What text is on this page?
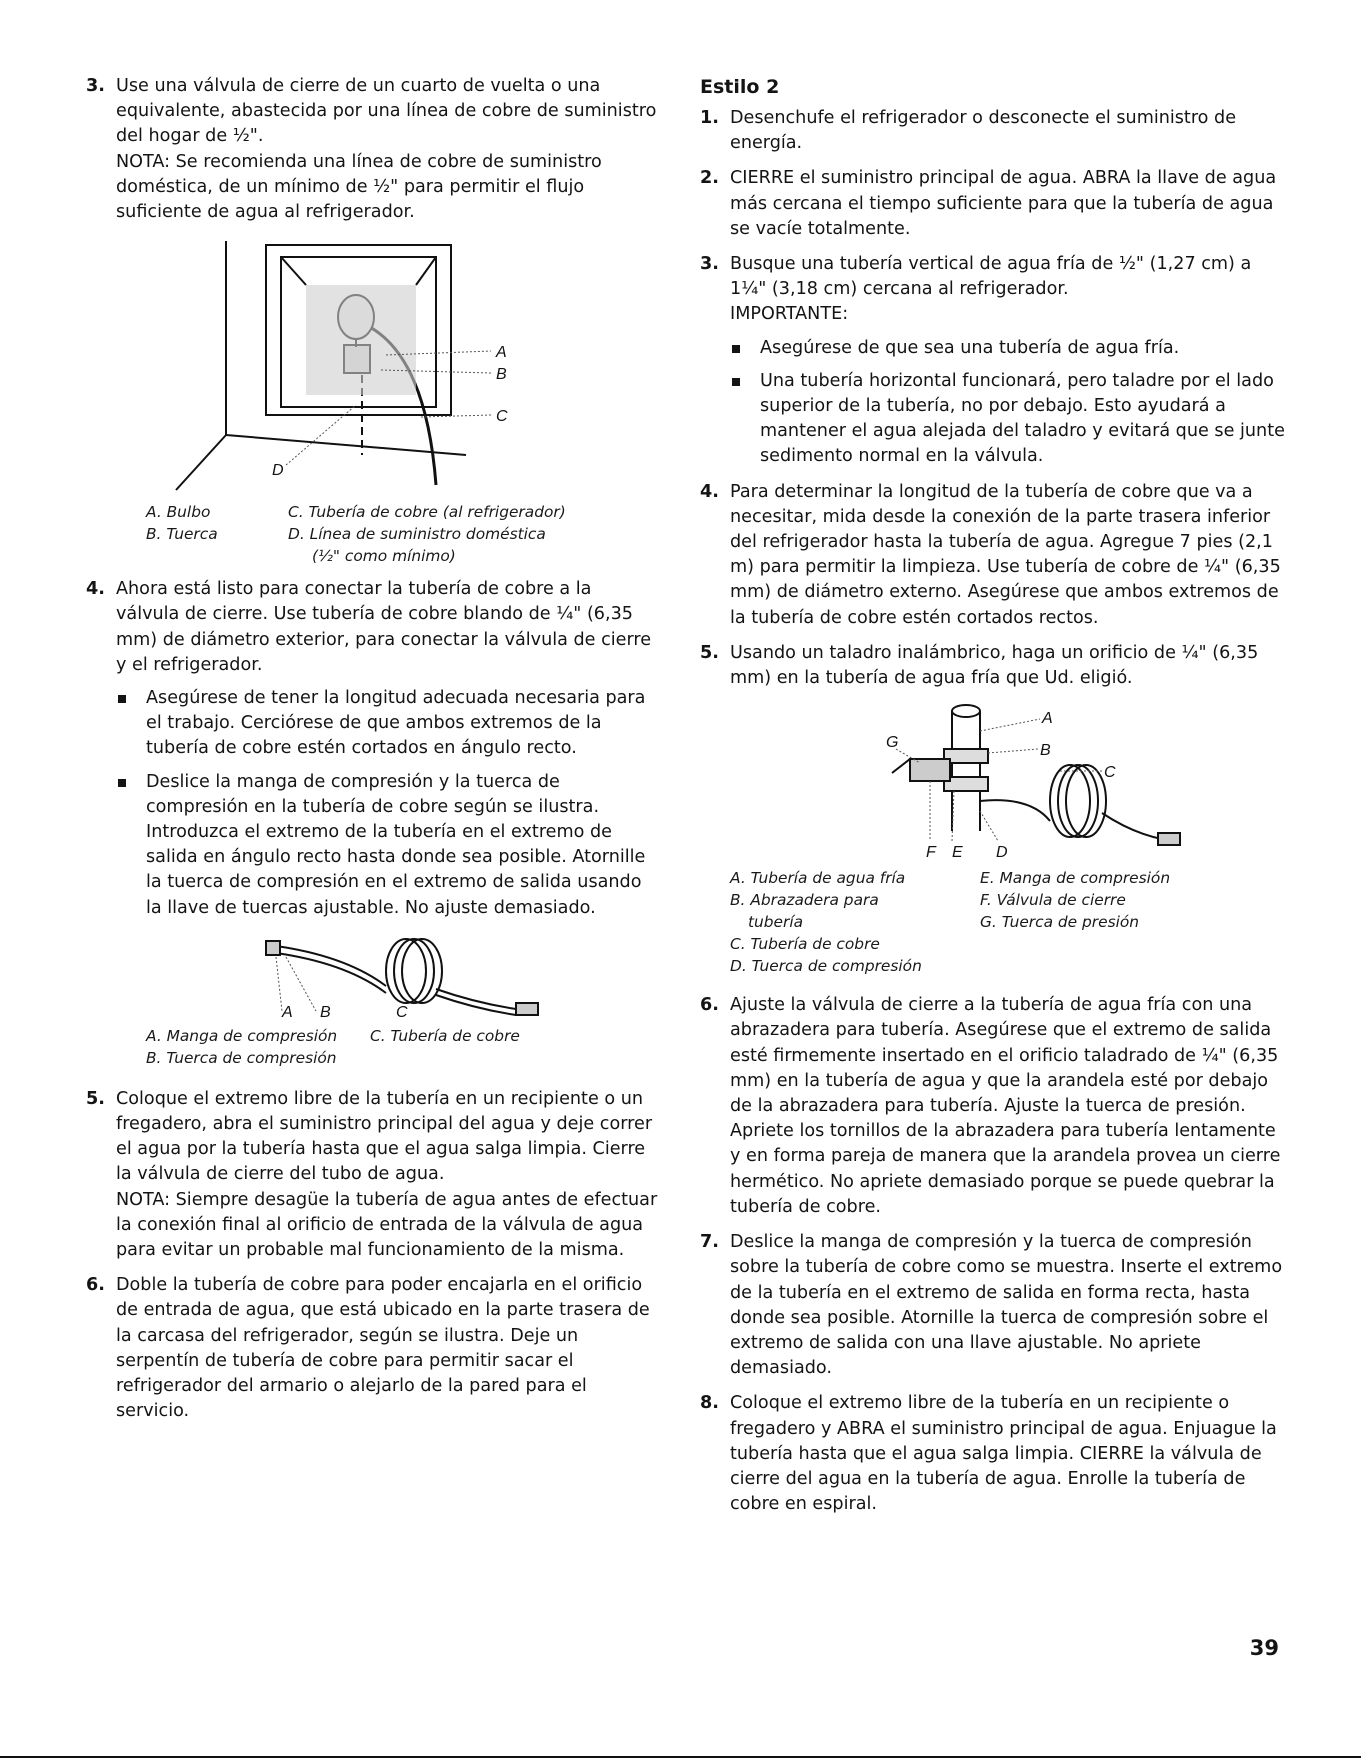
3. Use una válvula de cierre de un cuarto de vuelta o una equivalente, abastecida por una línea de cobre de suministro del hogar de ½".

NOTA: Se recomienda una línea de cobre de suministro doméstica, de un mínimo de ½" para permitir el flujo suficiente de agua al refrigerador.

A
B
C
D
A. Bulbo	C. Tubería de cobre (al refrigerador)
B. Tuerca	D. Línea de suministro doméstica
(½" como mínimo)
4. Ahora está listo para conectar la tubería de cobre a la válvula de cierre. Use tubería de cobre blando de ¼" (6,35 mm) de diámetro exterior, para conectar la válvula de cierre y el refrigerador.

Asegúrese de tener la longitud adecuada necesaria para el trabajo. Cerciórese de que ambos extremos de la tubería de cobre estén cortados en ángulo recto.
Deslice la manga de compresión y la tuerca de compresión en la tubería de cobre según se ilustra. Introduzca el extremo de la tubería en el extremo de salida en ángulo recto hasta donde sea posible. Atornille la tuerca de compresión en el extremo de salida usando la llave de tuercas ajustable. No ajuste demasiado.
A B	C
A. Manga de compresión	C. Tubería de cobre
B. Tuerca de compresión
5. Coloque el extremo libre de la tubería en un recipiente o un fregadero, abra el suministro principal del agua y deje correr el agua por la tubería hasta que el agua salga limpia. Cierre la válvula de cierre del tubo de agua.

NOTA: Siempre desagüe la tubería de agua antes de efectuar la conexión final al orificio de entrada de la válvula de agua para evitar un probable mal funcionamiento de la misma.

6. Doble la tubería de cobre para poder encajarla en el orificio de entrada de agua, que está ubicado en la parte trasera de la carcasa del refrigerador, según se ilustra. Deje un serpentín de tubería de cobre para permitir sacar el refrigerador del armario o alejarlo de la pared para el servicio.

Estilo 2
1. Desenchufe el refrigerador o desconecte el suministro de energía.

2. CIERRE el suministro principal de agua. ABRA la llave de agua más cercana el tiempo suficiente para que la tubería de agua se vacíe totalmente.

3. Busque una tubería vertical de agua fría de ½" (1,27 cm) a 1¼" (3,18 cm) cercana al refrigerador.

IMPORTANTE:

Asegúrese de que sea una tubería de agua fría.
Una tubería horizontal funcionará, pero taladre por el lado superior de la tubería, no por debajo. Esto ayudará a mantener el agua alejada del taladro y evitará que se junte sedimento normal en la válvula.
4. Para determinar la longitud de la tubería de cobre que va a necesitar, mida desde la conexión de la parte trasera inferior del refrigerador hasta la tubería de agua. Agregue 7 pies (2,1 m) para permitir la limpieza. Use tubería de cobre de ¼" (6,35 mm) de diámetro externo. Asegúrese que ambos extremos de la tubería de cobre estén cortados rectos.

5. Usando un taladro inalámbrico, haga un orificio de ¼" (6,35 mm) en la tubería de agua fría que Ud. eligió.

A
B
C
G
F E D
A. Tubería de agua fría	E. Manga de compresión
B. Abrazadera para	F. Válvula de cierre
tubería	G. Tuerca de presión
C. Tubería de cobre
D. Tuerca de compresión
6. Ajuste la válvula de cierre a la tubería de agua fría con una abrazadera para tubería. Asegúrese que el extremo de salida esté firmemente insertado en el orificio taladrado de ¼" (6,35 mm) en la tubería de agua y que la arandela esté por debajo de la abrazadera para tubería. Ajuste la tuerca de presión. Apriete los tornillos de la abrazadera para tubería lentamente y en forma pareja de manera que la arandela provea un cierre hermético. No apriete demasiado porque se puede quebrar la tubería de cobre.

7. Deslice la manga de compresión y la tuerca de compresión sobre la tubería de cobre como se muestra. Inserte el extremo de la tubería en el extremo de salida en forma recta, hasta donde sea posible. Atornille la tuerca de compresión sobre el extremo de salida con una llave ajustable. No apriete demasiado.

8. Coloque el extremo libre de la tubería en un recipiente o fregadero y ABRA el suministro principal de agua. Enjuague la tubería hasta que el agua salga limpia. CIERRE la válvula de cierre del agua en la tubería de agua. Enrolle la tubería de cobre en espiral.

39
